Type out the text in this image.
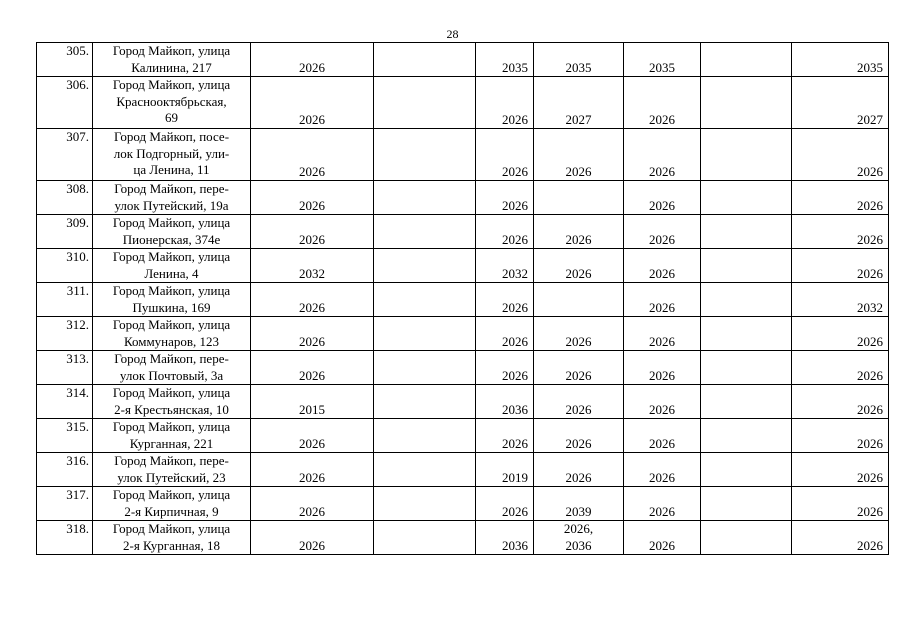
28
305.	Город Майкоп, улица
Калинина, 217	2026		2035	2035	2035		2035
306.	Город Майкоп, улица
Краснооктябрьская,
69	2026		2026	2027	2026		2027
307.	Город Майкоп, посе-
лок Подгорный, ули-
ца Ленина, 11	2026		2026	2026	2026		2026
308.	Город Майкоп, пере-
улок Путейский, 19а	2026		2026		2026		2026
309.	Город Майкоп, улица
Пионерская, 374е	2026		2026	2026	2026		2026
310.	Город Майкоп, улица
Ленина, 4	2032		2032	2026	2026		2026
311.	Город Майкоп, улица
Пушкина, 169	2026		2026		2026		2032
312.	Город Майкоп, улица
Коммунаров, 123	2026		2026	2026	2026		2026
313.	Город Майкоп, пере-
улок Почтовый, 3а	2026		2026	2026	2026		2026
314.	Город Майкоп, улица
2-я Крестьянская, 10	2015		2036	2026	2026		2026
315.	Город Майкоп, улица
Курганная, 221	2026		2026	2026	2026		2026
316.	Город Майкоп, пере-
улок Путейский, 23	2026		2019	2026	2026		2026
317.	Город Майкоп, улица
2-я Кирпичная, 9	2026		2026	2039	2026		2026
318.	Город Майкоп, улица
2-я Курганная, 18	2026		2036	2026,
2036	2026		2026
